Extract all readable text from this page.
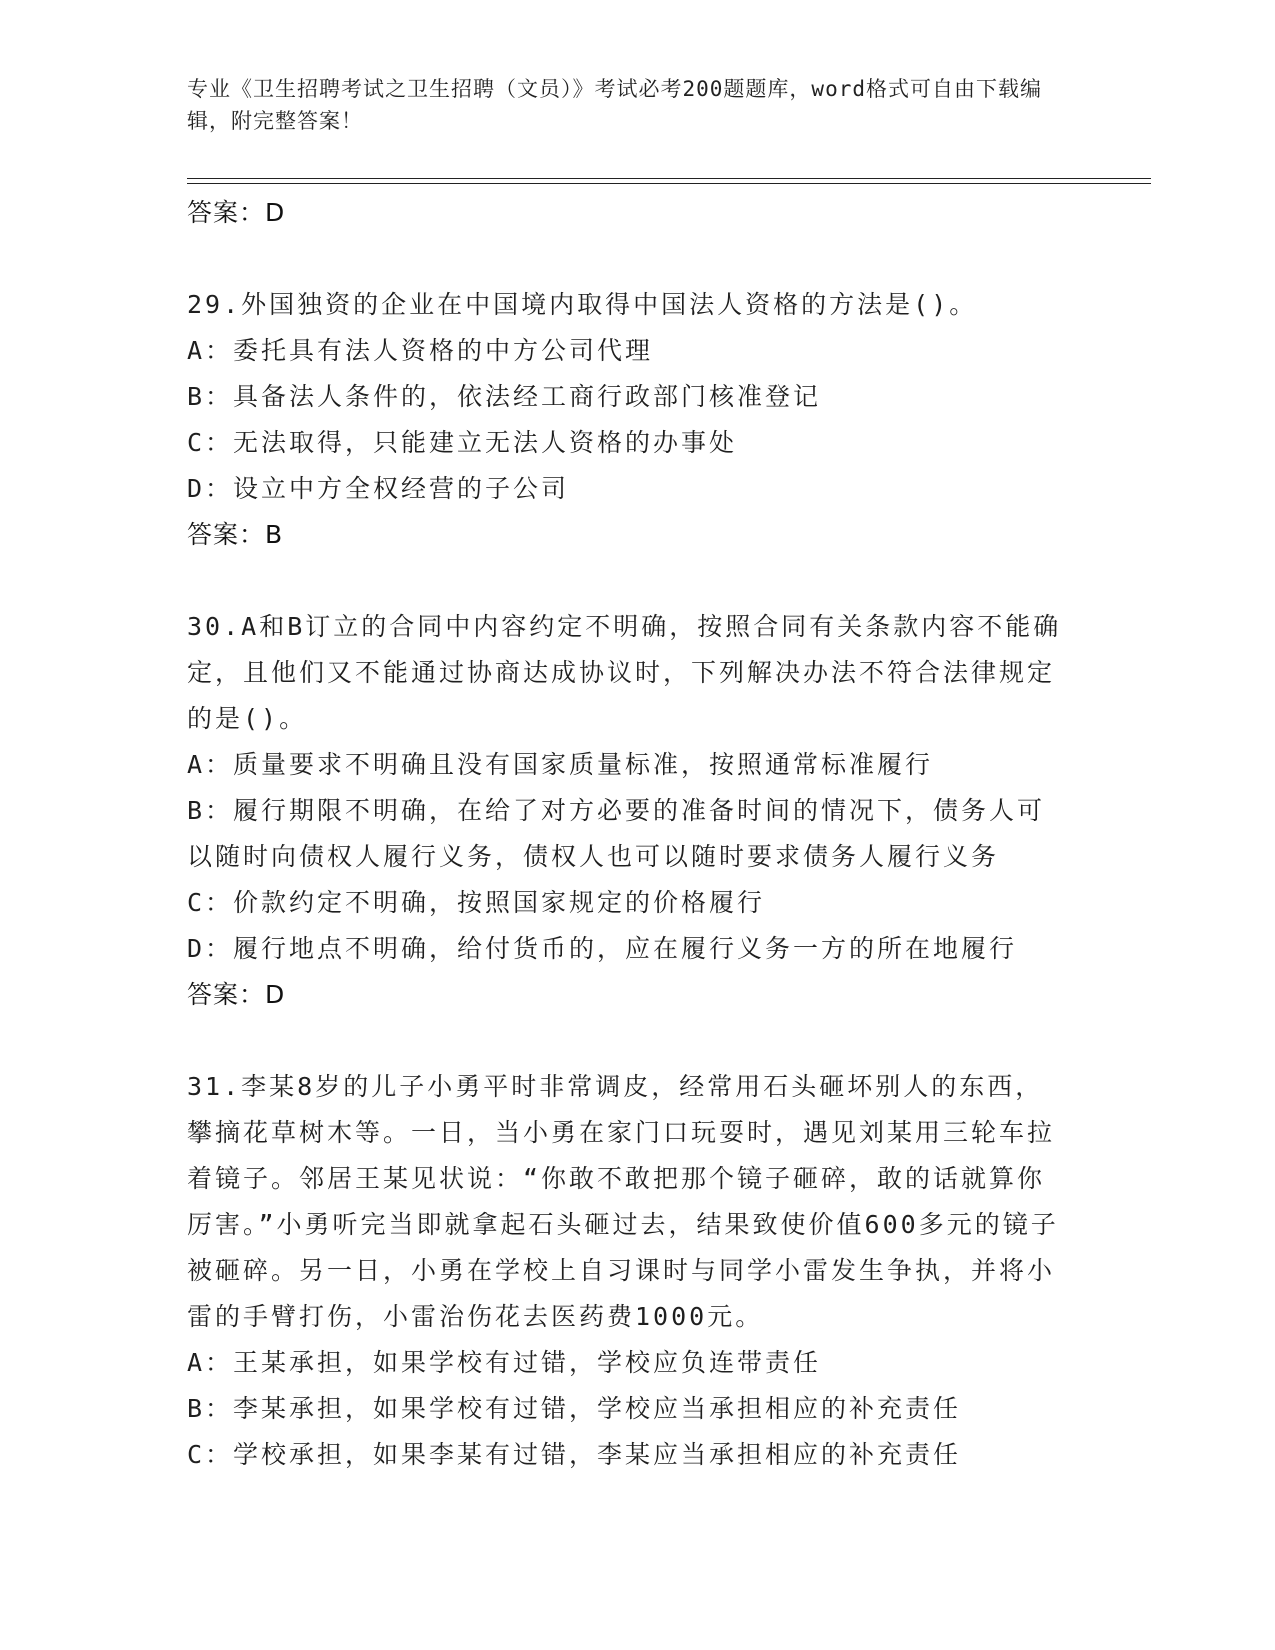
专业《卫生招聘考试之卫生招聘（文员）》考试必考200题题库，word格式可自由下载编辑，附完整答案！
答案：D
29.外国独资的企业在中国境内取得中国法人资格的方法是()。
A：委托具有法人资格的中方公司代理
B：具备法人条件的，依法经工商行政部门核准登记
C：无法取得，只能建立无法人资格的办事处
D：设立中方全权经营的子公司
答案：B
30.A和B订立的合同中内容约定不明确，按照合同有关条款内容不能确定，且他们又不能通过协商达成协议时，下列解决办法不符合法律规定的是()。
A：质量要求不明确且没有国家质量标准，按照通常标准履行
B：履行期限不明确，在给了对方必要的准备时间的情况下，债务人可以随时向债权人履行义务，债权人也可以随时要求债务人履行义务
C：价款约定不明确，按照国家规定的价格履行
D：履行地点不明确，给付货币的，应在履行义务一方的所在地履行
答案：D
31.李某8岁的儿子小勇平时非常调皮，经常用石头砸坏别人的东西，攀摘花草树木等。一日，当小勇在家门口玩耍时，遇见刘某用三轮车拉着镜子。邻居王某见状说：“你敢不敢把那个镜子砸碎，敢的话就算你厉害。”小勇听完当即就拿起石头砸过去，结果致使价值600多元的镜子被砸碎。另一日，小勇在学校上自习课时与同学小雷发生争执，并将小雷的手臂打伤，小雷治伤花去医药费1000元。
A：王某承担，如果学校有过错，学校应负连带责任
B：李某承担，如果学校有过错，学校应当承担相应的补充责任
C：学校承担，如果李某有过错，李某应当承担相应的补充责任
